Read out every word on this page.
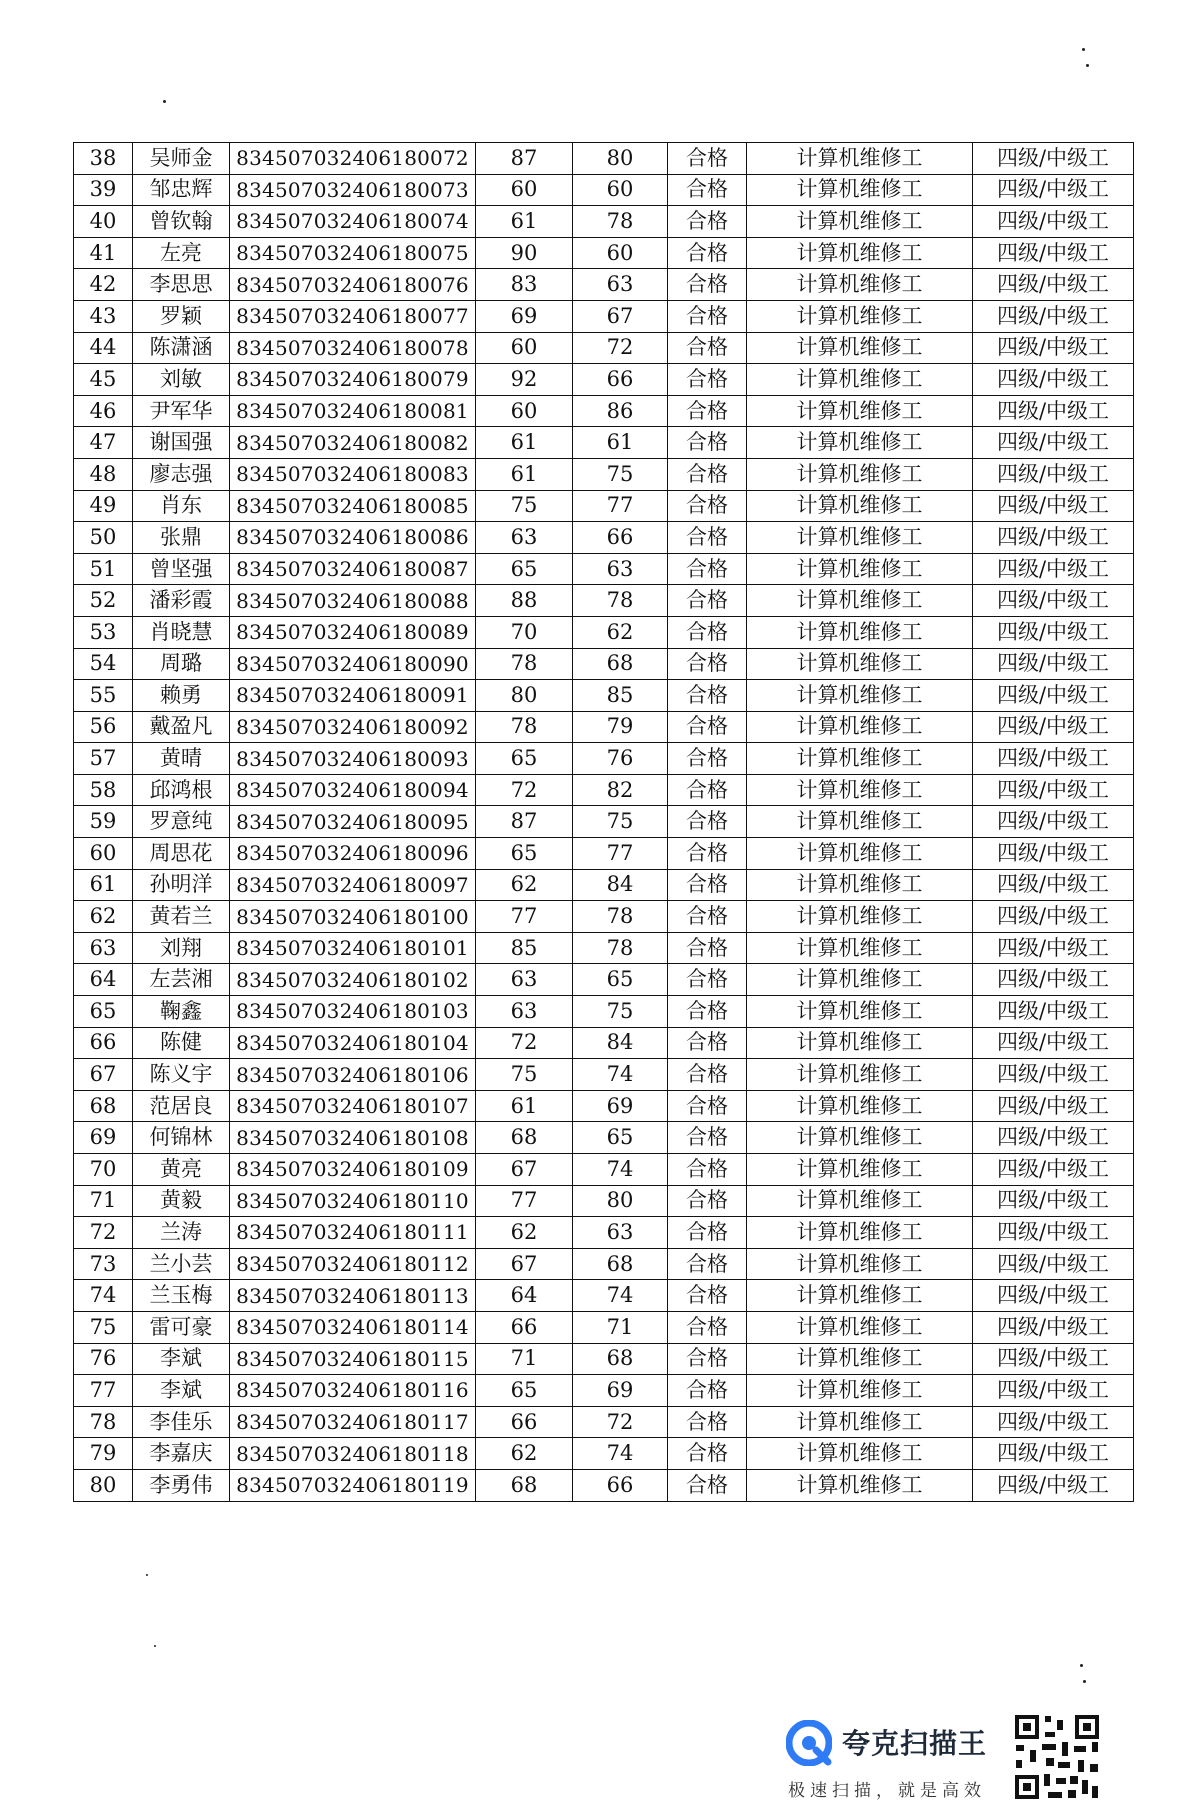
38	吴师金	834507032406180072	87	80	合格	计算机维修工	四级/中级工
39	邹忠辉	834507032406180073	60	60	合格	计算机维修工	四级/中级工
40	曾钦翰	834507032406180074	61	78	合格	计算机维修工	四级/中级工
41	左亮	834507032406180075	90	60	合格	计算机维修工	四级/中级工
42	李思思	834507032406180076	83	63	合格	计算机维修工	四级/中级工
43	罗颖	834507032406180077	69	67	合格	计算机维修工	四级/中级工
44	陈潇涵	834507032406180078	60	72	合格	计算机维修工	四级/中级工
45	刘敏	834507032406180079	92	66	合格	计算机维修工	四级/中级工
46	尹军华	834507032406180081	60	86	合格	计算机维修工	四级/中级工
47	谢国强	834507032406180082	61	61	合格	计算机维修工	四级/中级工
48	廖志强	834507032406180083	61	75	合格	计算机维修工	四级/中级工
49	肖东	834507032406180085	75	77	合格	计算机维修工	四级/中级工
50	张鼎	834507032406180086	63	66	合格	计算机维修工	四级/中级工
51	曾坚强	834507032406180087	65	63	合格	计算机维修工	四级/中级工
52	潘彩霞	834507032406180088	88	78	合格	计算机维修工	四级/中级工
53	肖晓慧	834507032406180089	70	62	合格	计算机维修工	四级/中级工
54	周璐	834507032406180090	78	68	合格	计算机维修工	四级/中级工
55	赖勇	834507032406180091	80	85	合格	计算机维修工	四级/中级工
56	戴盈凡	834507032406180092	78	79	合格	计算机维修工	四级/中级工
57	黄晴	834507032406180093	65	76	合格	计算机维修工	四级/中级工
58	邱鸿根	834507032406180094	72	82	合格	计算机维修工	四级/中级工
59	罗意纯	834507032406180095	87	75	合格	计算机维修工	四级/中级工
60	周思花	834507032406180096	65	77	合格	计算机维修工	四级/中级工
61	孙明洋	834507032406180097	62	84	合格	计算机维修工	四级/中级工
62	黄若兰	834507032406180100	77	78	合格	计算机维修工	四级/中级工
63	刘翔	834507032406180101	85	78	合格	计算机维修工	四级/中级工
64	左芸湘	834507032406180102	63	65	合格	计算机维修工	四级/中级工
65	鞠鑫	834507032406180103	63	75	合格	计算机维修工	四级/中级工
66	陈健	834507032406180104	72	84	合格	计算机维修工	四级/中级工
67	陈义宇	834507032406180106	75	74	合格	计算机维修工	四级/中级工
68	范居良	834507032406180107	61	69	合格	计算机维修工	四级/中级工
69	何锦林	834507032406180108	68	65	合格	计算机维修工	四级/中级工
70	黄亮	834507032406180109	67	74	合格	计算机维修工	四级/中级工
71	黄毅	834507032406180110	77	80	合格	计算机维修工	四级/中级工
72	兰涛	834507032406180111	62	63	合格	计算机维修工	四级/中级工
73	兰小芸	834507032406180112	67	68	合格	计算机维修工	四级/中级工
74	兰玉梅	834507032406180113	64	74	合格	计算机维修工	四级/中级工
75	雷可豪	834507032406180114	66	71	合格	计算机维修工	四级/中级工
76	李斌	834507032406180115	71	68	合格	计算机维修工	四级/中级工
77	李斌	834507032406180116	65	69	合格	计算机维修工	四级/中级工
78	李佳乐	834507032406180117	66	72	合格	计算机维修工	四级/中级工
79	李嘉庆	834507032406180118	62	74	合格	计算机维修工	四级/中级工
80	李勇伟	834507032406180119	68	66	合格	计算机维修工	四级/中级工
夸克扫描王
极速扫描，就是高效
